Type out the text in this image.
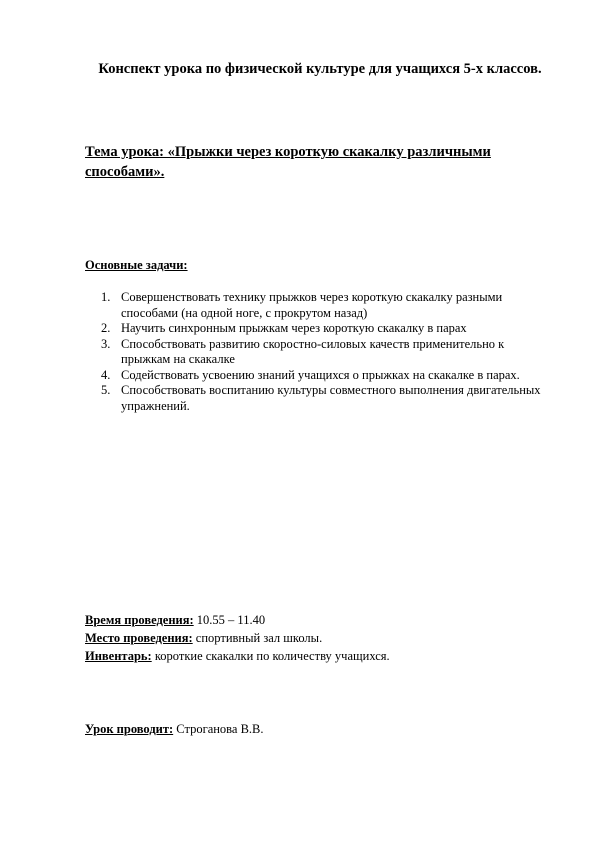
Конспект урока по физической культуре для учащихся 5-х классов.
Тема урока: «Прыжки через короткую скакалку различными способами».
Основные задачи:
1. Совершенствовать технику прыжков через короткую скакалку разными способами (на одной ноге, с прокрутом назад)
2. Научить синхронным прыжкам через короткую скакалку в парах
3. Способствовать развитию скоростно-силовых качеств применительно к прыжкам на скакалке
4. Содействовать усвоению знаний учащихся о прыжках на скакалке в парах.
5. Способствовать воспитанию культуры совместного выполнения двигательных упражнений.
Время проведения: 10.55 – 11.40
Место проведения: спортивный зал школы.
Инвентарь: короткие скакалки по количеству учащихся.
Урок проводит: Строганова В.В.
